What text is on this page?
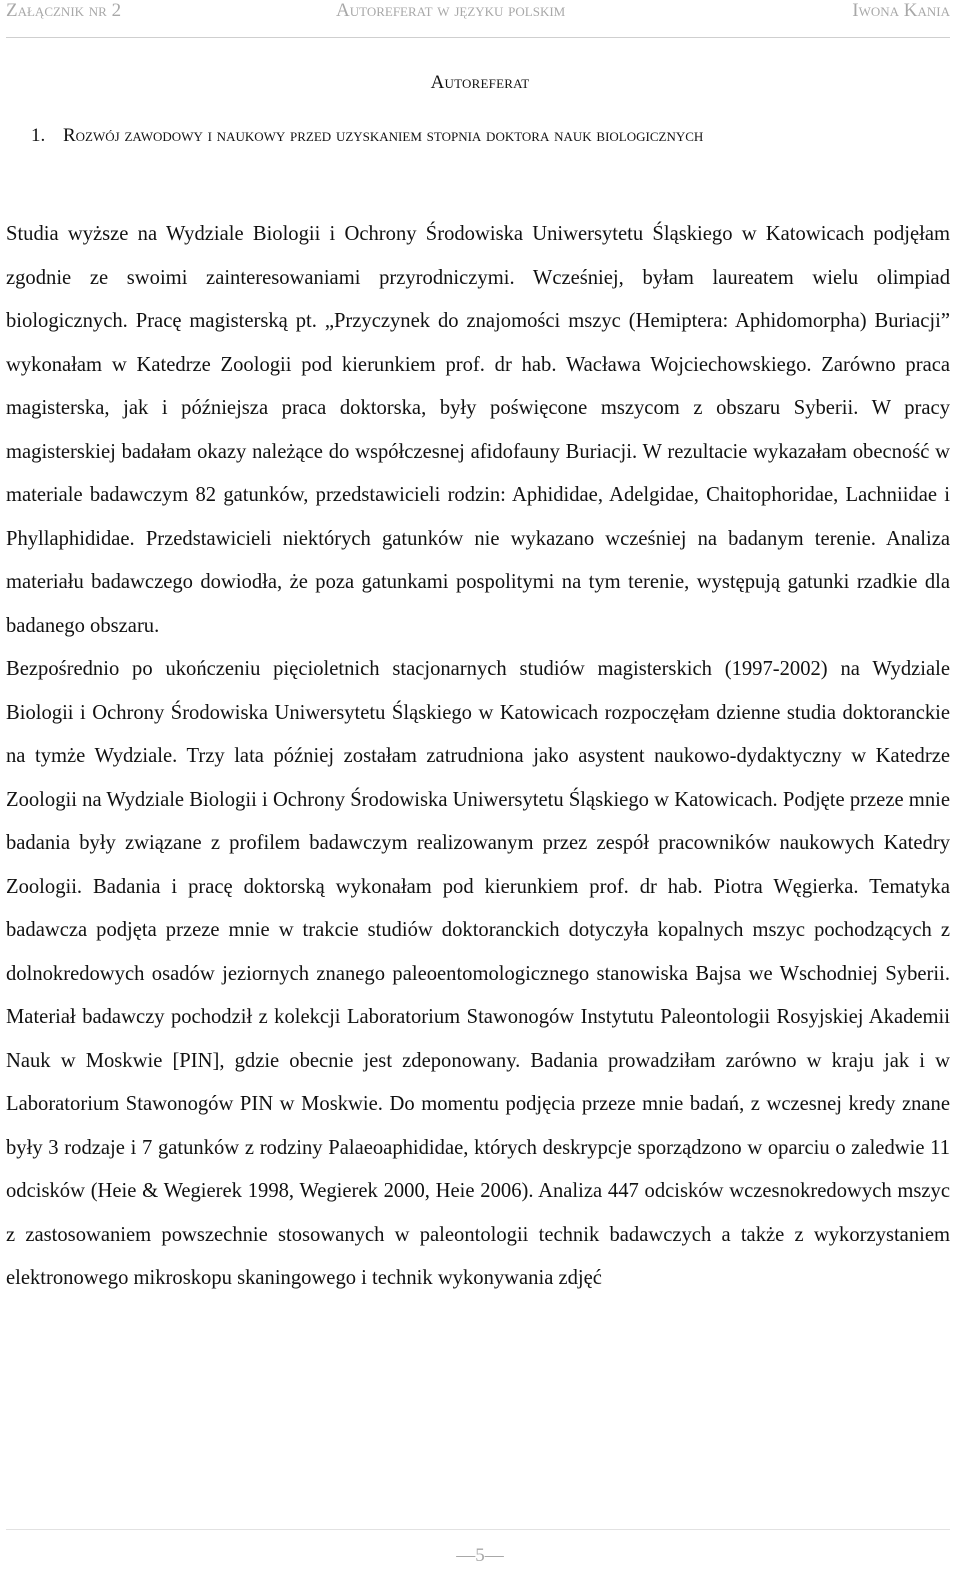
Załącznik nr 2	Autoreferat w języku polskim	Iwona Kania
Autoreferat
1. Rozwój zawodowy i naukowy przed uzyskaniem stopnia doktora nauk biologicznych

Studia wyższe na Wydziale Biologii i Ochrony Środowiska Uniwersytetu Śląskiego w Katowicach podjęłam zgodnie ze swoimi zainteresowaniami przyrodniczymi. Wcześniej, byłam laureatem wielu olimpiad biologicznych. Pracę magisterską pt. „Przyczynek do znajomości mszyc (Hemiptera: Aphidomorpha) Buriacji” wykonałam w Katedrze Zoologii pod kierunkiem prof. dr hab. Wacława Wojciechowskiego. Zarówno praca magisterska, jak i późniejsza praca doktorska, były poświęcone mszycom z obszaru Syberii. W pracy magisterskiej badałam okazy należące do współczesnej afidofauny Buriacji. W rezultacie wykazałam obecność w materiale badawczym 82 gatunków, przedstawicieli rodzin: Aphididae, Adelgidae, Chaitophoridae, Lachniidae i Phyllaphididae. Przedstawicieli niektórych gatunków nie wykazano wcześniej na badanym terenie. Analiza materiału badawczego dowiodła, że poza gatunkami pospolitymi na tym terenie, występują gatunki rzadkie dla badanego obszaru.

Bezpośrednio po ukończeniu pięcioletnich stacjonarnych studiów magisterskich (1997-2002) na Wydziale Biologii i Ochrony Środowiska Uniwersytetu Śląskiego w Katowicach rozpoczęłam dzienne studia doktoranckie na tymże Wydziale. Trzy lata później zostałam zatrudniona jako asystent naukowo-dydaktyczny w Katedrze Zoologii na Wydziale Biologii i Ochrony Środowiska Uniwersytetu Śląskiego w Katowicach. Podjęte przeze mnie badania były związane z profilem badawczym realizowanym przez zespół pracowników naukowych Katedry Zoologii. Badania i pracę doktorską wykonałam pod kierunkiem prof. dr hab. Piotra Węgierka. Tematyka badawcza podjęta przeze mnie w trakcie studiów doktoranckich dotyczyła kopalnych mszyc pochodzących z dolnokredowych osadów jeziornych znanego paleoentomologicznego stanowiska Bajsa we Wschodniej Syberii. Materiał badawczy pochodził z kolekcji Laboratorium Stawonogów Instytutu Paleontologii Rosyjskiej Akademii Nauk w Moskwie [PIN], gdzie obecnie jest zdeponowany. Badania prowadziłam zarówno w kraju jak i w Laboratorium Stawonogów PIN w Moskwie. Do momentu podjęcia przeze mnie badań, z wczesnej kredy znane były 3 rodzaje i 7 gatunków z rodziny Palaeoaphididae, których deskrypcje sporządzono w oparciu o zaledwie 11 odcisków (Heie & Wegierek 1998, Wegierek 2000, Heie 2006). Analiza 447 odcisków wczesnokredowych mszyc z zastosowaniem powszechnie stosowanych w paleontologii technik badawczych a także z wykorzystaniem elektronowego mikroskopu skaningowego i technik wykonywania zdjęć

—5—
